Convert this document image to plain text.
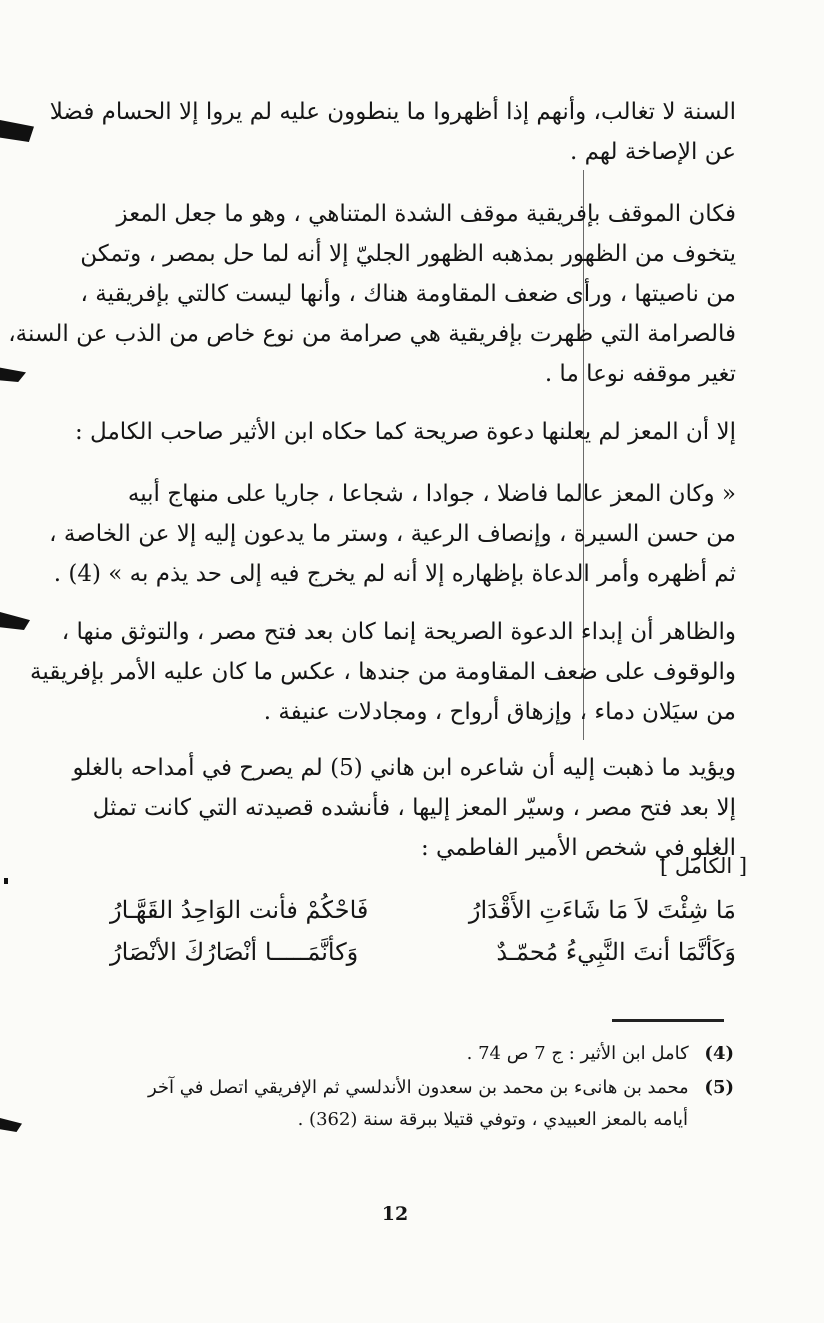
السنة لا تغالب، وأنهم إذا أظهروا ما ينطوون عليه لم يروا إلا الحسام فضلا
عن الإصاخة لهم .
فكان الموقف بإفريقية موقف الشدة المتناهي ، وهو ما جعل المعز
يتخوف من الظهور بمذهبه الظهور الجليّ إلا أنه لما حل بمصر ، وتمكن
من ناصيتها ، ورأى ضعف المقاومة هناك ، وأنها ليست كالتي بإفريقية ،
فالصرامة التي ظهرت بإفريقية هي صرامة من نوع خاص من الذب عن السنة،
تغير موقفه نوعا ما .
إلا أن المعز لم يعلنها دعوة صريحة كما حكاه ابن الأثير صاحب الكامل :
« وكان المعز عالما فاضلا ، جوادا ، شجاعا ، جاريا على منهاج أبيه
من حسن السيرة ، وإنصاف الرعية ، وستر ما يدعون إليه إلا عن الخاصة ،
ثم أظهره وأمر الدعاة بإظهاره إلا أنه لم يخرج فيه إلى حد يذم به » (4) .
والظاهر أن إبداء الدعوة الصريحة إنما كان بعد فتح مصر ، والتوثق منها ،
والوقوف على ضعف المقاومة من جندها ، عكس ما كان عليه الأمر بإفريقية
من سيَلان دماء ، وإزهاق أرواح ، ومجادلات عنيفة .
ويؤيد ما ذهبت إليه أن شاعره ابن هاني (5) لم يصرح في أمداحه بالغلو
إلا بعد فتح مصر ، وسيّر المعز إليها ، فأنشده قصيدته التي كانت تمثل
الغلو في شخص الأمير الفاطمي :
[ الكامل ]
مَا شِئْتَ لاَ مَا شَاءَتِ الأَقْدَارُ
فَاحْكُمْ فأنت الوَاحِدُ القَهَّـارُ
وَكَأنَّمَا أنتَ النَّبِيءُ مُحمّـدٌ
وَكأنَّمَـــــا أنْصَارُكَ الأنْصَارُ
(4) كامل ابن الأثير : ج 7 ص 74 .
(5) محمد بن هانىء بن محمد بن سعدون الأندلسي ثم الإفريقي اتصل في آخر
أيامه بالمعز العبيدي ، وتوفي قتيلا ببرقة سنة (362) .
12
